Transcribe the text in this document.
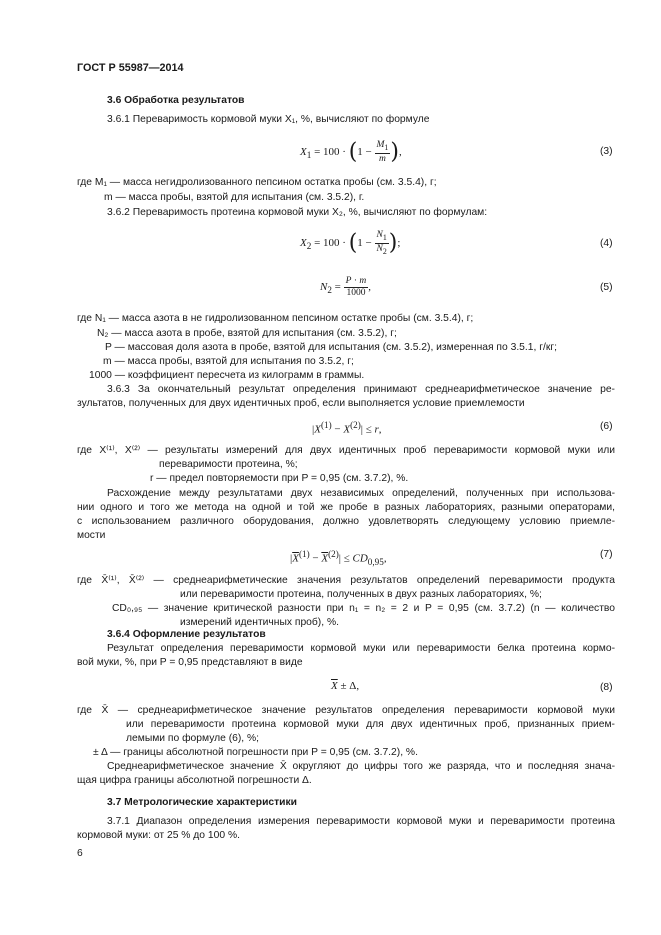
ГОСТ Р 55987—2014
3.6 Обработка результатов
3.6.1 Переваримость кормовой муки X₁, %, вычисляют по формуле
$X_1 = 100 \cdot (1 - \frac{M_1}{m}$ ),	(3)
где M₁ — масса негидролизованного пепсином остатка пробы (см. 3.5.4), г;
m — масса пробы, взятой для испытания (см. 3.5.2), г.
3.6.2 Переваримость протеина кормовой муки X₂, %, вычисляют по формулам:
$X_2 = 100 \cdot (1 - \frac{N_1}{N_2}$ );	(4)
$N_2 = \frac{P \cdot m}{1000}$ ,	(5)
где N₁ — масса азота в не гидролизованном пепсином остатке пробы (см. 3.5.4), г;
N₂ — масса азота в пробе, взятой для испытания (см. 3.5.2), г;
P — массовая доля азота в пробе, взятой для испытания (см. 3.5.2), измеренная по 3.5.1, г/кг;
m — масса пробы, взятой для испытания по 3.5.2, г;
1000 — коэффициент пересчета из килограмм в граммы.
3.6.3 За окончательный результат определения принимают среднеарифметическое значение ре-
зультатов, полученных для двух идентичных проб, если выполняется условие приемлемости
$|X^{(1)} - X^{(2)}| \le r$,	(6)
где X⁽¹⁾, X⁽²⁾ — результаты измерений для двух идентичных проб переваримости кормовой муки или
переваримости протеина, %;
r — предел повторяемости при P = 0,95 (см. 3.7.2), %.
Расхождение между результатами двух независимых определений, полученных при использова-
нии одного и того же метода на одной и той же пробе в разных лабораториях, разными операторами,
с использованием различного оборудования, должно удовлетворять следующему условию приемле-
мости
$|\overline{X}^{(1)} - \overline{X}^{(2)}| \le CD_{0,95}$,	(7)
где X̄⁽¹⁾, X̄⁽²⁾ — среднеарифметические значения результатов определений переваримости продукта
или переваримости протеина, полученных в двух разных лабораториях, %;
CD₀,₉₅ — значение критической разности при n₁ = n₂ = 2 и P = 0,95 (см. 3.7.2) (n — количество
измерений идентичных проб), %.
3.6.4 Оформление результатов
Результат определения переваримости кормовой муки или переваримости белка протеина кормо-
вой муки, %, при P = 0,95 представляют в виде
$\overline{X} \pm \Delta$,	(8)
где X̄ — среднеарифметическое значение результатов определения переваримости кормовой муки
или переваримости протеина кормовой муки для двух идентичных проб, признанных прием-
лемыми по формуле (6), %;
± Δ — границы абсолютной погрешности при P = 0,95 (см. 3.7.2), %.
Среднеарифметическое значение X̄ округляют до цифры того же разряда, что и последняя знача-
щая цифра границы абсолютной погрешности Δ.
3.7 Метрологические характеристики
3.7.1 Диапазон определения измерения переваримости кормовой муки и переваримости протеина
кормовой муки: от 25 % до 100 %.
6
